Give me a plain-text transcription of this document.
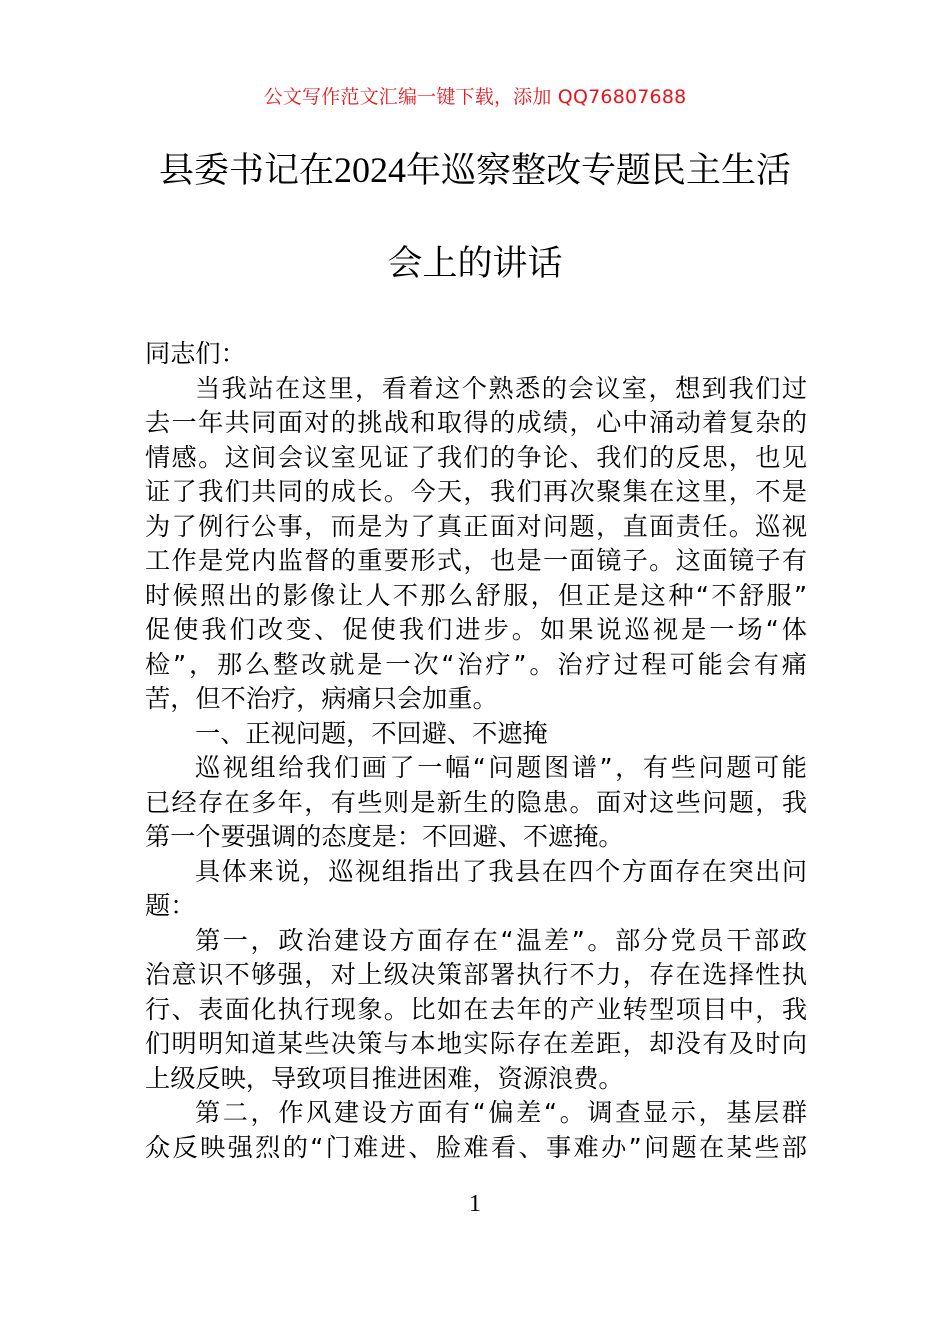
公文写作范文汇编一键下载，添加 QQ76807688
县委书记在2024年巡察整改专题民主生活
会上的讲话
同志们：
当我站在这里，看着这个熟悉的会议室，想到我们过
去一年共同面对的挑战和取得的成绩，心中涌动着复杂的
情感。这间会议室见证了我们的争论、我们的反思，也见
证了我们共同的成长。今天，我们再次聚集在这里，不是
为了例行公事，而是为了真正面对问题，直面责任。巡视
工作是党内监督的重要形式，也是一面镜子。这面镜子有
时候照出的影像让人不那么舒服，但正是这种“不舒服”
促使我们改变、促使我们进步。如果说巡视是一场“体
检”，那么整改就是一次“治疗”。治疗过程可能会有痛
苦，但不治疗，病痛只会加重。
一、正视问题，不回避、不遮掩
巡视组给我们画了一幅“问题图谱”，有些问题可能
已经存在多年，有些则是新生的隐患。面对这些问题，我
第一个要强调的态度是：不回避、不遮掩。
具体来说，巡视组指出了我县在四个方面存在突出问
题：
第一，政治建设方面存在“温差”。部分党员干部政
治意识不够强，对上级决策部署执行不力，存在选择性执
行、表面化执行现象。比如在去年的产业转型项目中，我
们明明知道某些决策与本地实际存在差距，却没有及时向
上级反映，导致项目推进困难，资源浪费。
第二，作风建设方面有“偏差“。调查显示，基层群
众反映强烈的“门难进、脸难看、事难办”问题在某些部
1
